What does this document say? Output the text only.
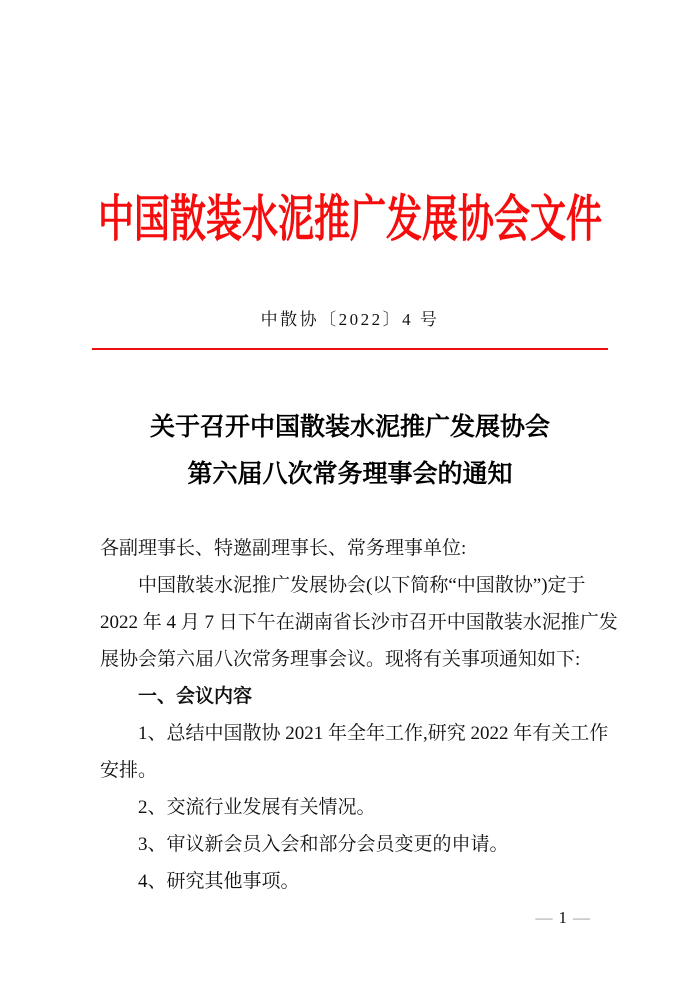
中国散装水泥推广发展协会文件
中散协〔2022〕4 号
关于召开中国散装水泥推广发展协会
第六届八次常务理事会的通知
各副理事长、特邀副理事长、常务理事单位:
中国散装水泥推广发展协会(以下简称“中国散协”)定于
2022 年 4 月 7 日下午在湖南省长沙市召开中国散装水泥推广发
展协会第六届八次常务理事会议。现将有关事项通知如下:
一、会议内容
1、总结中国散协 2021 年全年工作,研究 2022 年有关工作
安排。
2、交流行业发展有关情况。
3、审议新会员入会和部分会员变更的申请。
4、研究其他事项。
— 1 —
